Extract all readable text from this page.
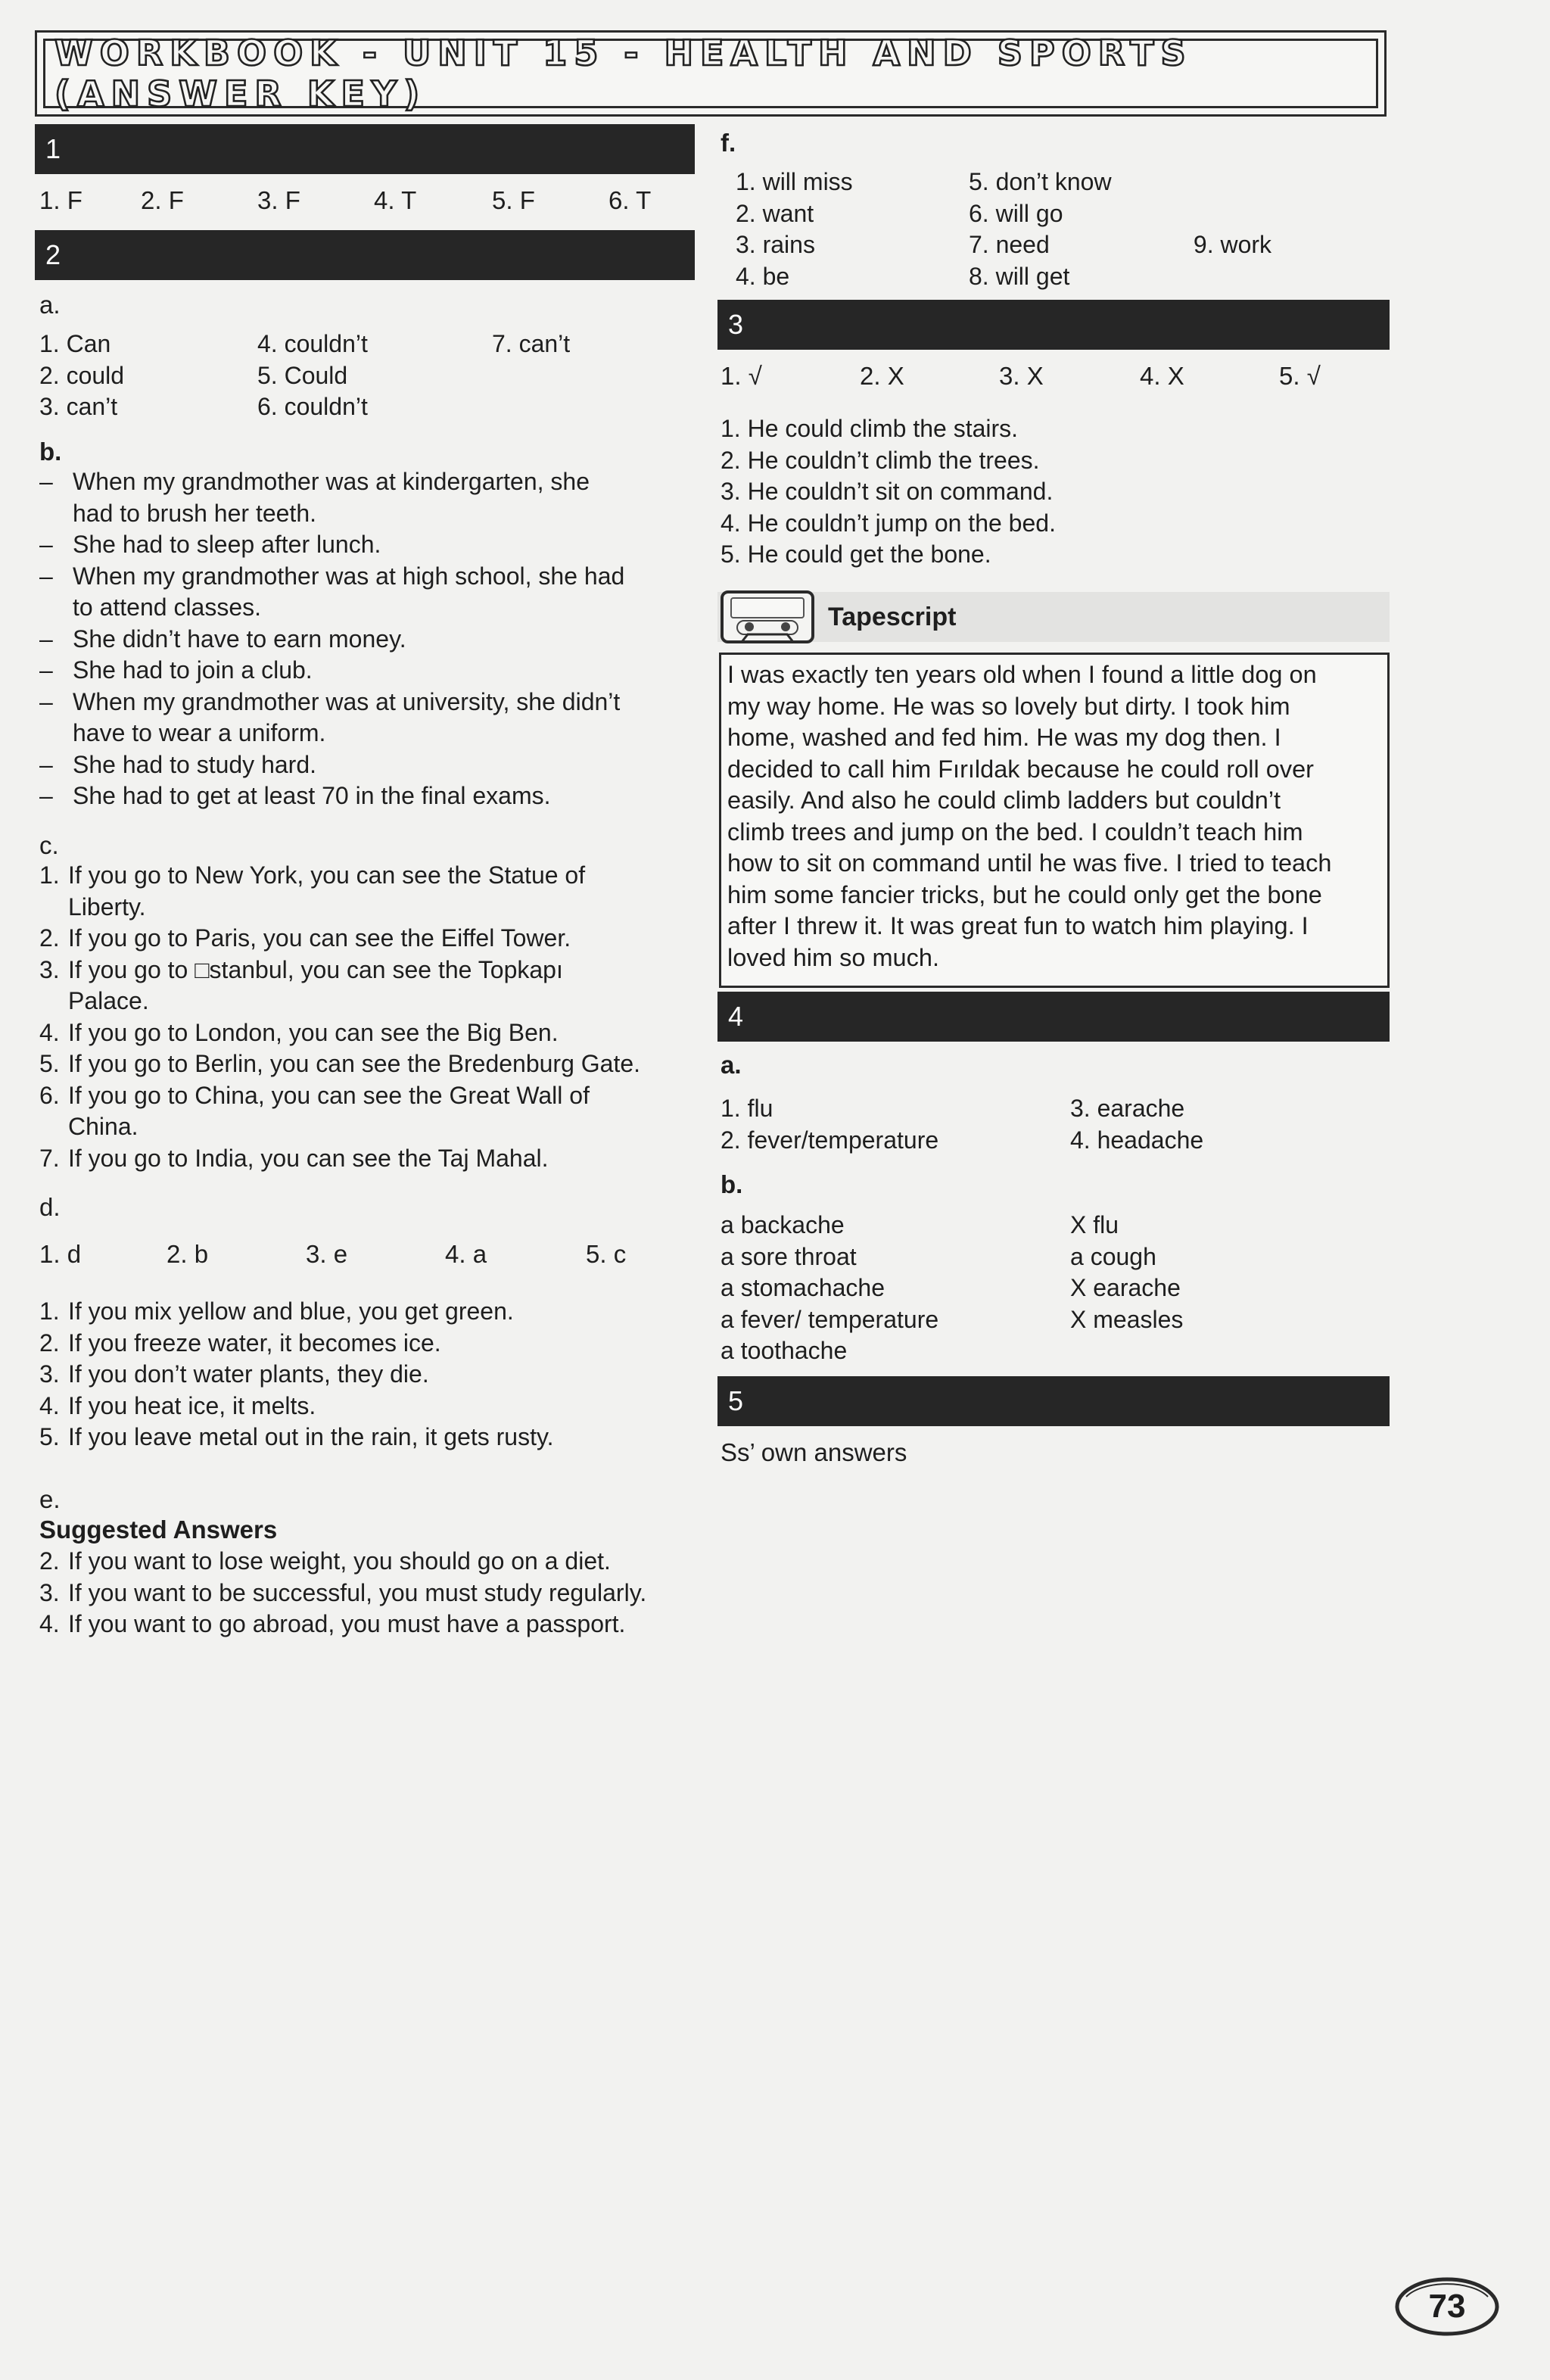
WORKBOOK - UNIT 15 - HEALTH AND SPORTS (ANSWER KEY)
1
1. F 2. F	3. F	4. T	5. F	6. T
2
a.
1. Can
2. could
3. can’t
4. couldn’t
5. Could
6. couldn’t
7. can’t
b.
– When my grandmother was at kindergarten, she
had to brush her teeth.
– She had to sleep after lunch.
– When my grandmother was at high school, she had
to attend classes.
– She didn’t have to earn money.
– She had to join a club.
– When my grandmother was at university, she didn’t
have to wear a uniform.
– She had to study hard.
– She had to get at least 70 in the final exams.
c.
1. If you go to New York, you can see the Statue of
Liberty.
2. If you go to Paris, you can see the Eiffel Tower.
3. If you go to □stanbul, you can see the Topkapı
Palace.
4. If you go to London, you can see the Big Ben.
5. If you go to Berlin, you can see the Bredenburg Gate.
6. If you go to China, you can see the Great Wall of
China.
7. If you go to India, you can see the Taj Mahal.
d.
1. d	2. b	3. e	4. a	5. c
1. If you mix yellow and blue, you get green.
2. If you freeze water, it becomes ice.
3. If you don’t water plants, they die.
4. If you heat ice, it melts.
5. If you leave metal out in the rain, it gets rusty.
e.
Suggested Answers
2. If you want to lose weight, you should go on a diet.
3. If you want to be successful, you must study regularly.
4. If you want to go abroad, you must have a passport.
f.
1. will miss
2. want
3. rains
4. be
5. don’t know
6. will go
7. need
8. will get

9. work

3
1. √	2. X	3. X	4. X	5. √
1. He could climb the stairs.
2. He couldn’t climb the trees.
3. He couldn’t sit on command.
4. He couldn’t jump on the bed.
5. He could get the bone.
Tapescript
I was exactly ten years old when I found a little dog on
my way home. He was so lovely but dirty. I took him
home, washed and fed him. He was my dog then. I
decided to call him Fırıldak because he could roll over
easily. And also he could climb ladders but couldn’t
climb trees and jump on the bed. I couldn’t teach him
how to sit on command until he was five. I tried to teach
him some fancier tricks, but he could only get the bone
after I threw it. It was great fun to watch him playing. I
loved him so much.
4
a.
1. flu
2. fever/temperature
3. earache
4. headache
b.
a backache
a sore throat
a stomachache
a fever/ temperature
a toothache
X flu
a cough
X earache
X measles
5
Ss’ own answers
73
